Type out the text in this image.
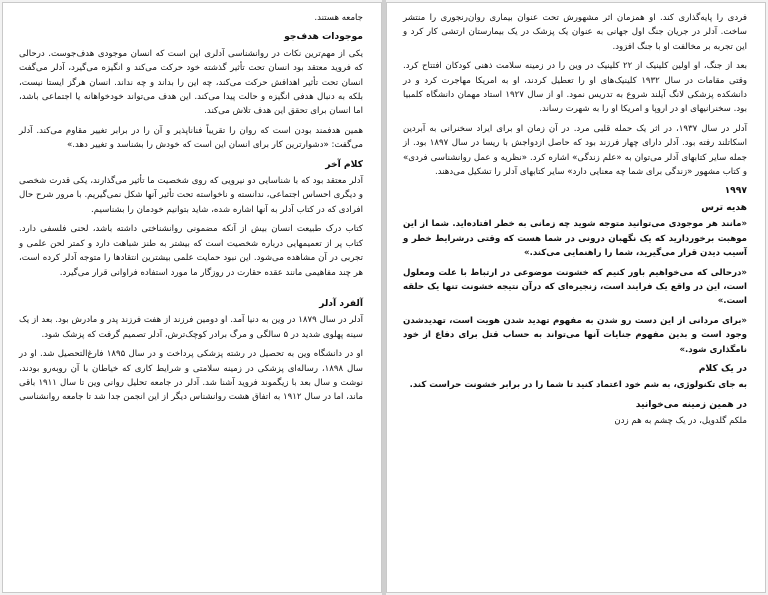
جامعه هستند.

موجودات هدف‌جو

یکی از مهم‌ترین نکات در روانشناسی آدلری این است که انسان موجودی هدف‌جوست. درحالی که فروید معتقد بود انسان تحت تأثیر گذشته خود حرکت می‌کند و انگیزه می‌گیرد، آدلر می‌گفت انسان تحت تأثیر اهدافش حرکت می‌کند، چه این را بداند و چه نداند. انسان هرگز ایستا نیست، بلکه به دنبال هدفی انگیزه و حالت پیدا می‌کند. این هدف می‌تواند خودخواهانه یا اجتماعی باشد، اما انسان برای تحقق این هدف تلاش می‌کند.

همین هدفمند بودن است که روان را تقریباً فناناپذیر و آن را در برابر تغییر مقاوم می‌کند. آدلر می‌گفت: «دشوارترین کار برای انسان این است که خودش را بشناسد و تغییر دهد.»

کلام آخر

آدلر معتقد بود که با شناسایی دو نیرویی که روی شخصیت ما تأثیر می‌گذارند، یکی قدرت شخصی و دیگری احساس اجتماعی، ندانسته و ناخواسته تحت تأثیر آنها شکل نمی‌گیریم. با مرور شرح حال افرادی که در کتاب آدلر به آنها اشاره شده، شاید بتوانیم خودمان را بشناسیم.

کتاب درک طبیعت انسان بیش از آنکه مضمونی روانشناختی داشته باشد، لحنی فلسفی دارد. کتاب پر از تعمیمهایی درباره شخصیت است که بیشتر به طنز شباهت دارد و کمتر لحن علمی و تجربی در آن مشاهده می‌شود. این نبود حمایت علمی بیشترین انتقادها را متوجه آدلر کرده است، هر چند مفاهیمی مانند عقده حقارت در روزگار ما مورد استفاده فراوانی قرار می‌گیرد.

آلفرد آدلر

آدلر در سال ۱۸۷۹ در وین به دنیا آمد. او دومین فرزند از هفت فرزند پدر و مادرش بود. بعد از یک سینه پهلوی شدید در ۵ سالگی و مرگ برادر کوچک‌ترش، آدلر تصمیم گرفت که پزشک شود.

او در دانشگاه وین به تحصیل در رشته پزشکی پرداخت و در سال ۱۸۹۵ فارغ‌التحصیل شد. او در سال ۱۸۹۸، رساله‌ای پزشکی در زمینه سلامتی و شرایط کاری که خیاطان با آن روبه‌رو بودند، نوشت و سال بعد با زیگموند فروید آشنا شد. آدلر در جامعه تحلیل روانی وین تا سال ۱۹۱۱ باقی ماند، اما در سال ۱۹۱۲ به اتفاق هشت روانشناس دیگر از این انجمن جدا شد تا جامعه روانشناسی

فردی را پایه‌گذاری کند. او همزمان اثر مشهورش تحت عنوان بیماری روان‌رنجوری را منتشر ساخت. آدلر در جریان جنگ اول جهانی به عنوان یک پزشک در یک بیمارستان ارتشی کار کرد و این تجربه بر مخالفت او با جنگ افزود.

بعد از جنگ، او اولین کلینیک از ۲۲ کلینیک در وین را در زمینه سلامت ذهنی کودکان افتتاح کرد. وقتی مقامات در سال ۱۹۳۲ کلینیک‌های او را تعطیل کردند، او به امریکا مهاجرت کرد و در دانشکده پزشکی لانگ آیلند شروع به تدریس نمود. او از سال ۱۹۲۷ استاد مهمان دانشگاه کلمبیا بود. سخنرانیهای او در اروپا و امریکا او را به شهرت رساند.

آدلر در سال ۱۹۳۷، در اثر یک حمله قلبی مرد. در آن زمان او برای ایراد سخنرانی به آبردین اسکاتلند رفته بود. آدلر دارای چهار فرزند بود که حاصل ازدواجش با ریسا در سال ۱۸۹۷ بود. از جمله سایر کتابهای آدلر می‌توان به «علم زندگی» اشاره کرد. «نظریه و عمل روانشناسی فردی» و کتاب مشهور «زندگی برای شما چه معنایی دارد» سایر کتابهای آدلر را تشکیل می‌دهند.

۱۹۹۷

هدیه ترس

«مانند هر موجودی می‌توانید متوجه شوید چه زمانی به خطر افتاده‌اید. شما از این موهبت برخوردارید که یک نگهبان درونی در شما هست که وقتی درشرایط خطر و آسیب دیدن قرار می‌گیرید، شما را راهنمایی می‌کند.»

«درحالی که می‌خواهیم باور کنیم که خشونت موضوعی در ارتباط با علت ومعلول است، این در واقع یک فرایند است، زنجیره‌ای که درآن نتیجه خشونت تنها یک حلقه است.»

«برای مردانی از این دست رو شدن به مفهوم تهدید شدن هویت است، تهدیدشدن وجود است و بدین مفهوم جنایات آنها می‌تواند به حساب قتل برای دفاع از خود نامگذاری شود.»

در یک کلام

به جای تکنولوژی، به شم خود اعتماد کنید تا شما را در برابر خشونت حراست کند.

در همین زمینه می‌خوانید

ملکم گلدویل، در یک چشم به هم زدن
